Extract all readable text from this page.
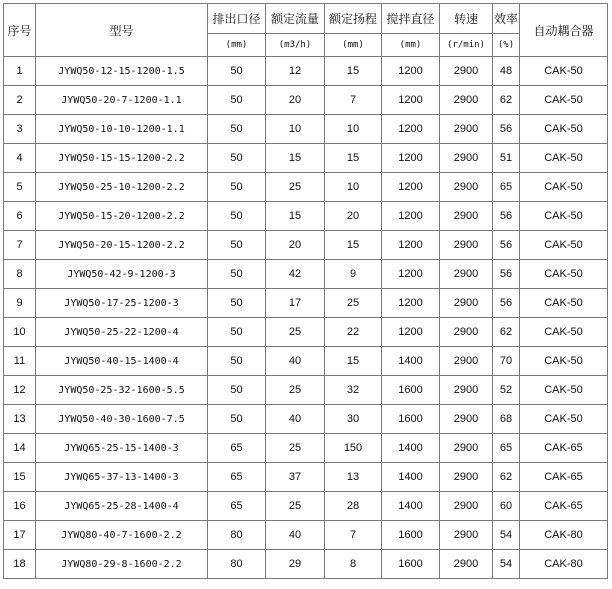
序号	型号	排出口径	额定流量	额定扬程	搅拌直径	转速	效率	自动耦合器
		(mm)	(m3/h)	(mm)	(mm)	(r/min)	(%)	
1	JYWQ50-12-15-1200-1.5	50	12	15	1200	2900	48	CAK-50
2	JYWQ50-20-7-1200-1.1	50	20	7	1200	2900	62	CAK-50
3	JYWQ50-10-10-1200-1.1	50	10	10	1200	2900	56	CAK-50
4	JYWQ50-15-15-1200-2.2	50	15	15	1200	2900	51	CAK-50
5	JYWQ50-25-10-1200-2.2	50	25	10	1200	2900	65	CAK-50
6	JYWQ50-15-20-1200-2.2	50	15	20	1200	2900	56	CAK-50
7	JYWQ50-20-15-1200-2.2	50	20	15	1200	2900	56	CAK-50
8	JYWQ50-42-9-1200-3	50	42	9	1200	2900	56	CAK-50
9	JYWQ50-17-25-1200-3	50	17	25	1200	2900	56	CAK-50
10	JYWQ50-25-22-1200-4	50	25	22	1200	2900	62	CAK-50
11	JYWQ50-40-15-1400-4	50	40	15	1400	2900	70	CAK-50
12	JYWQ50-25-32-1600-5.5	50	25	32	1600	2900	52	CAK-50
13	JYWQ50-40-30-1600-7.5	50	40	30	1600	2900	68	CAK-50
14	JYWQ65-25-15-1400-3	65	25	150	1400	2900	65	CAK-65
15	JYWQ65-37-13-1400-3	65	37	13	1400	2900	62	CAK-65
16	JYWQ65-25-28-1400-4	65	25	28	1400	2900	60	CAK-65
17	JYWQ80-40-7-1600-2.2	80	40	7	1600	2900	54	CAK-80
18	JYWQ80-29-8-1600-2.2	80	29	8	1600	2900	54	CAK-80
